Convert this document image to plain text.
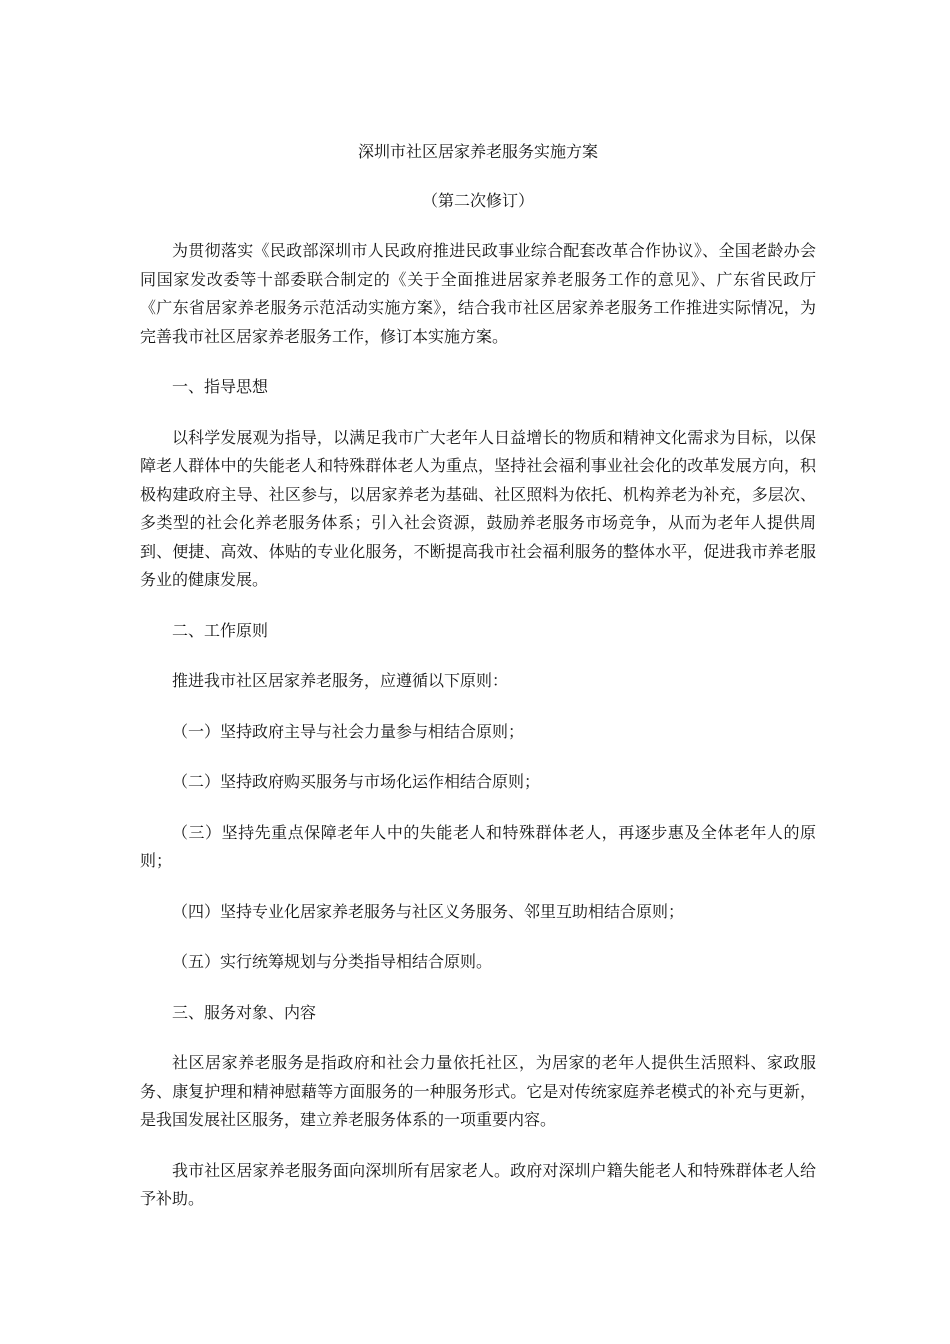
深圳市社区居家养老服务实施方案
（第二次修订）

为贯彻落实《民政部深圳市人民政府推进民政事业综合配套改革合作协议》、全国老龄办会同国家发改委等十部委联合制定的《关于全面推进居家养老服务工作的意见》、广东省民政厅《广东省居家养老服务示范活动实施方案》，结合我市社区居家养老服务工作推进实际情况，为完善我市社区居家养老服务工作，修订本实施方案。

一、指导思想

以科学发展观为指导，以满足我市广大老年人日益增长的物质和精神文化需求为目标，以保障老人群体中的失能老人和特殊群体老人为重点，坚持社会福利事业社会化的改革发展方向，积极构建政府主导、社区参与，以居家养老为基础、社区照料为依托、机构养老为补充，多层次、多类型的社会化养老服务体系；引入社会资源，鼓励养老服务市场竞争，从而为老年人提供周到、便捷、高效、体贴的专业化服务，不断提高我市社会福利服务的整体水平，促进我市养老服务业的健康发展。

二、工作原则

推进我市社区居家养老服务，应遵循以下原则：

（一）坚持政府主导与社会力量参与相结合原则；

（二）坚持政府购买服务与市场化运作相结合原则；

（三）坚持先重点保障老年人中的失能老人和特殊群体老人，再逐步惠及全体老年人的原则；

（四）坚持专业化居家养老服务与社区义务服务、邻里互助相结合原则；

（五）实行统筹规划与分类指导相结合原则。

三、服务对象、内容

社区居家养老服务是指政府和社会力量依托社区，为居家的老年人提供生活照料、家政服务、康复护理和精神慰藉等方面服务的一种服务形式。它是对传统家庭养老模式的补充与更新，是我国发展社区服务，建立养老服务体系的一项重要内容。

我市社区居家养老服务面向深圳所有居家老人。政府对深圳户籍失能老人和特殊群体老人给予补助。
